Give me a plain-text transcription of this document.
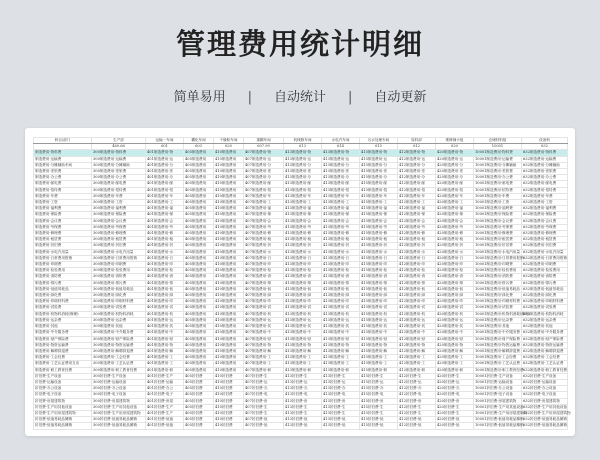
管理费用统计明细
简单易用 | 自动统计 | 自动更新
科目/部门	生产部	运输一车间	糊化车间	干燥粉车间	重糊车间	机械修车间	水电汽车间	污水处理车间	原料部	维修铺小组	仓储材料组	设备科
	460.66	601	603	620	607.99	613	614	615	612	620	10001	632
制造费用-物料费	300制造费用-物料费	401制造费用-物	405制造费用	410制造费用	407制造费用-物	413制造费用-物	413制造费用-物	415制造费用-物	412制造费用-物	420制造费用-物	10001制造费用-物料费	632制造费用-物料费
制造费用-运输费	300制造费用-运输费	401制造费用-运	405制造费用	410制造费用	407制造费用-运	413制造费用-运	413制造费用-运	415制造费用-运	412制造费用-运	420制造费用-运	10001制造费用-运输费	632制造费用-运输费
制造费用-分摊辅助车间	300制造费用-分摊辅助	401制造费用-分	405制造费用	410制造费用	407制造费用-分	413制造费用-分	413制造费用-分	415制造费用-分	412制造费用-分	420制造费用-分	10001制造费用-分摊辅助	632制造费用-分摊辅助
制造费用-差旅费	300制造费用-差旅费	401制造费用-差	405制造费用	410制造费用	407制造费用-差	413制造费用-差	413制造费用-差	415制造费用-差	412制造费用-差	420制造费用-差	10001制造费用-差旅费	632制造费用-差旅费
制造费用-办公费	300制造费用-办公费	401制造费用-办	405制造费用	410制造费用	407制造费用-办	413制造费用-办	413制造费用-办	415制造费用-办	412制造费用-办	420制造费用-办	10001制造费用-办公费	632制造费用-办公费
制造费用-邮电费	300制造费用-邮电费	401制造费用-邮	405制造费用	410制造费用	407制造费用-邮	413制造费用-邮	413制造费用-邮	415制造费用-邮	412制造费用-邮	420制造费用-邮	10001制造费用-邮电费	632制造费用-邮电费
制造费用-招待费	300制造费用-招待费	401制造费用-招	405制造费用	410制造费用	407制造费用-招	413制造费用-招	413制造费用-招	415制造费用-招	412制造费用-招	420制造费用-招	10001制造费用-招待费	632制造费用-招待费
制造费用-车费	300制造费用-车费	401制造费用-车	405制造费用	410制造费用	407制造费用-车	413制造费用-车	413制造费用-车	415制造费用-车	412制造费用-车	420制造费用-车	10001制造费用-车费	632制造费用-车费
制造费用-工资	300制造费用-工资	401制造费用-工	405制造费用	410制造费用	407制造费用-工	413制造费用-工	413制造费用-工	415制造费用-工	412制造费用-工	420制造费用-工	10001制造费用-工资	632制造费用-工资
制造费用-福利费	300制造费用-福利费	401制造费用-福	405制造费用	410制造费用	407制造费用-福	413制造费用-福	413制造费用-福	415制造费用-福	412制造费用-福	420制造费用-福	10001制造费用-福利费	632制造费用-福利费
制造费用-保险费	300制造费用-保险费	401制造费用-保	405制造费用	410制造费用	407制造费用-保	413制造费用-保	413制造费用-保	415制造费用-保	412制造费用-保	420制造费用-保	10001制造费用-保险费	632制造费用-保险费
制造费用-会议费	300制造费用-会议费	401制造费用-会	405制造费用	410制造费用	407制造费用-会	413制造费用-会	413制造费用-会	415制造费用-会	412制造费用-会	420制造费用-会	10001制造费用-会议费	632制造费用-会议费
制造费用-劳保费	300制造费用-劳保费	401制造费用-劳	405制造费用	410制造费用	407制造费用-劳	413制造费用-劳	413制造费用-劳	415制造费用-劳	412制造费用-劳	420制造费用-劳	10001制造费用-劳保费	632制造费用-劳保费
制造费用-修理费	300制造费用-修理费	401制造费用-修	405制造费用	410制造费用	407制造费用-修	413制造费用-修	413制造费用-修	415制造费用-修	412制造费用-修	420制造费用-修	10001制造费用-修理费	632制造费用-修理费
制造费用-租赁费	300制造费用-租赁费	401制造费用-租	405制造费用	410制造费用	407制造费用-租	413制造费用-租	413制造费用-租	415制造费用-租	412制造费用-租	420制造费用-租	10001制造费用-租赁费	632制造费用-租赁费
制造费用-折旧费	300制造费用-折旧费	401制造费用-折	405制造费用	410制造费用	407制造费用-折	413制造费用-折	413制造费用-折	415制造费用-折	412制造费用-折	420制造费用-折	10001制造费用-折旧费	632制造费用-折旧费
制造费用-水电汽用量	300制造费用-水电汽用量	401制造费用-水	405制造费用	410制造费用	407制造费用-水	413制造费用-水	413制造费用-水	415制造费用-水	412制造费用-水	420制造费用-水	10001制造费用-水电汽用量	632制造费用-水电汽用量
制造费用-日常费用报销	300制造费用-日常费用报销	401制造费用-日	405制造费用	410制造费用	407制造费用-日	413制造费用-日	413制造费用-日	415制造费用-日	412制造费用-日	420制造费用-日	10001制造费用-日常费用报销	632制造费用-日常费用报销
制造费用-印刷费	300制造费用-印刷费	401制造费用-印	405制造费用	410制造费用	407制造费用-印	413制造费用-印	413制造费用-印	415制造费用-印	412制造费用-印	420制造费用-印	10001制造费用-印刷费	632制造费用-印刷费
制造费用-检验费用	300制造费用-检验费用	401制造费用-检	405制造费用	410制造费用	407制造费用-检	413制造费用-检	413制造费用-检	415制造费用-检	412制造费用-检	420制造费用-检	10001制造费用-检验费用	632制造费用-检验费用
制造费用-消防费	300制造费用-消防费	401制造费用-消	405制造费用	410制造费用	407制造费用-消	413制造费用-消	413制造费用-消	415制造费用-消	412制造费用-消	420制造费用-消	10001制造费用-消防费	632制造费用-消防费
制造费用-排污费	300制造费用-排污费	401制造费用-排	405制造费用	410制造费用	407制造费用-排	413制造费用-排	413制造费用-排	415制造费用-排	412制造费用-排	420制造费用-排	10001制造费用-排污费	632制造费用-排污费
制造费用-低值易耗品	300制造费用-低值易耗品	401制造费用-低	405制造费用	410制造费用	407制造费用-低	413制造费用-低	413制造费用-低	415制造费用-低	412制造费用-低	420制造费用-低	10001制造费用-低值易耗品	632制造费用-低值易耗品
制造费用-绿化费	300制造费用-绿化费	401制造费用-绿	405制造费用	410制造费用	407制造费用-绿	413制造费用-绿	413制造费用-绿	415制造费用-绿	412制造费用-绿	420制造费用-绿	10001制造费用-绿化费	632制造费用-绿化费
制造费用-印刷材料费	300制造费用-印刷材料费	401制造费用-印	405制造费用	410制造费用	407制造费用-印	413制造费用-印	413制造费用-印	415制造费用-印	412制造费用-印	420制造费用-印	10001制造费用-印刷材料费	632制造费用-印刷材料费
制造费用-试验费	300制造费用-试验费	401制造费用-试	405制造费用	410制造费用	407制造费用-试	413制造费用-试	413制造费用-试	415制造费用-试	412制造费用-试	420制造费用-试	10001制造费用-试验费	632制造费用-试验费
制造费用-机物料消耗(修理)	300制造费用-机物料消耗	401制造费用-机	405制造费用	410制造费用	407制造费用-机	413制造费用-机	413制造费用-机	415制造费用-机	412制造费用-机	420制造费用-机	10001制造费用-机物料消耗(修理)	632制造费用-机物料消耗
制造费用-运杂费	300制造费用-运杂费	401制造费用-运	405制造费用	410制造费用	407制造费用-运	413制造费用-运	413制造费用-运	415制造费用-运	412制造费用-运	420制造费用-运	10001制造费用-运杂费	632制造费用-运杂费
制造费用-其他	300制造费用-其他	401制造费用-其	405制造费用	410制造费用	407制造费用-其	413制造费用-其	413制造费用-其	415制造费用-其	412制造费用-其	420制造费用-其	10001制造费用-其他	632制造费用-其他
制造费用-中介服务费	300制造费用-中介服务费	401制造费用-中	405制造费用	410制造费用	407制造费用-中	413制造费用-中	413制造费用-中	415制造费用-中	412制造费用-中	420制造费用-中	10001制造费用-中介服务费	632制造费用-中介服务费
制造费用-财产保险费	300制造费用-财产保险费	401制造费用-财	405制造费用	410制造费用	407制造费用-财	413制造费用-财	413制造费用-财	415制造费用-财	412制造费用-财	420制造费用-财	10001制造费用-财产保险费	632制造费用-财产保险费
制造费用-物资运输费	300制造费用-物资运输费	401制造费用-物	405制造费用	410制造费用	407制造费用-物	413制造费用-物	413制造费用-物	415制造费用-物	412制造费用-物	420制造费用-物	10001制造费用-物资运输费	632制造费用-物资运输费
制造费用-解聘辞退费	300制造费用-解聘辞退费	401制造费用-解	405制造费用	410制造费用	407制造费用-解	413制造费用-解	413制造费用-解	415制造费用-解	412制造费用-解	420制造费用-解	10001制造费用-解聘辞退费	632制造费用-解聘辞退费
制造费用-工会经费	300制造费用-工会经费	401制造费用-工	405制造费用	410制造费用	407制造费用-工	413制造费用-工	413制造费用-工	415制造费用-工	412制造费用-工	420制造费用-工	10001制造费用-工会经费	632制造费用-工会经费
制造费用-工艺认证费用支出	300制造费用-工艺认证费	401制造费用-工	405制造费用	410制造费用	407制造费用-工	413制造费用-工	413制造费用-工	415制造费用-工	412制造费用-工	420制造费用-工	10001制造费用-工艺认证费	632制造费用-工艺认证费
制造费用-职工教育经费	300制造费用-职工教育经费	401制造费用-职	405制造费用	410制造费用	407制造费用-职	413制造费用-职	413制造费用-职	415制造费用-职	412制造费用-职	420制造费用-职	10001制造费用-职工教育经费	632制造费用-职工教育经费
折旧费-生产设备	300折旧费-生产设备	401折旧费-生产	405折旧费	410折旧费	407折旧费-生	413折旧费-生	413折旧费-生	415折旧费-生	412折旧费-生	420折旧费-生	10001折旧费-生产设备	632折旧费-生产设备
折旧费-运输设备	300折旧费-运输设备	401折旧费-运输	405折旧费	410折旧费	407折旧费-运	413折旧费-运	413折旧费-运	415折旧费-运	412折旧费-运	420折旧费-运	10001折旧费-运输设备	632折旧费-运输设备
折旧费-办公设备	300折旧费-办公设备	401折旧费-办公	405折旧费	410折旧费	407折旧费-办	413折旧费-办	413折旧费-办	415折旧费-办	412折旧费-办	420折旧费-办	10001折旧费-办公设备	632折旧费-办公设备
折旧费-电子设备	300折旧费-电子设备	401折旧费-电子	405折旧费	410折旧费	407折旧费-电	413折旧费-电	413折旧费-电	415折旧费-电	412折旧费-电	420折旧费-电	10001折旧费-电子设备	632折旧费-电子设备
折旧费-房屋建筑物	300折旧费-房屋建筑物	401折旧费-房屋	405折旧费	410折旧费	407折旧费-房	413折旧费-房	413折旧费-房	415折旧费-房	412折旧费-房	420折旧费-房	10001折旧费-房屋建筑物	632折旧费-房屋建筑物
折旧费-生产用其他设备	300折旧费-生产用其他设备	401折旧费-生产	405折旧费	410折旧费	407折旧费-生	413折旧费-生	413折旧费-生	415折旧费-生	412折旧费-生	420折旧费-生	10001折旧费-生产用其他设备	632折旧费-生产用其他设备
折旧费-生产用房屋建筑物	300折旧费-生产用房屋建筑物	401折旧费-生产	405折旧费	410折旧费	407折旧费-生	413折旧费-生	413折旧费-生	415折旧费-生	412折旧费-生	420折旧费-生	10001折旧费-生产用房屋建筑物	632折旧费-生产用房屋建筑物
折旧费-低值易耗品摊销	300折旧费-低值易耗品摊销	401折旧费-低值	405折旧费	410折旧费	407折旧费-低	413折旧费-低	413折旧费-低	415折旧费-低	412折旧费-低	420折旧费-低	10001折旧费-低值易耗品摊销	632折旧费-低值易耗品摊销
折旧费-低值易耗品摊销	300折旧费-低值易耗品摊销	401折旧费-低值	405折旧费	410折旧费	407折旧费-低	413折旧费-低	413折旧费-低	415折旧费-低	412折旧费-低	420折旧费-低	10001折旧费-低值易耗品摊销	632折旧费-低值易耗品摊销
